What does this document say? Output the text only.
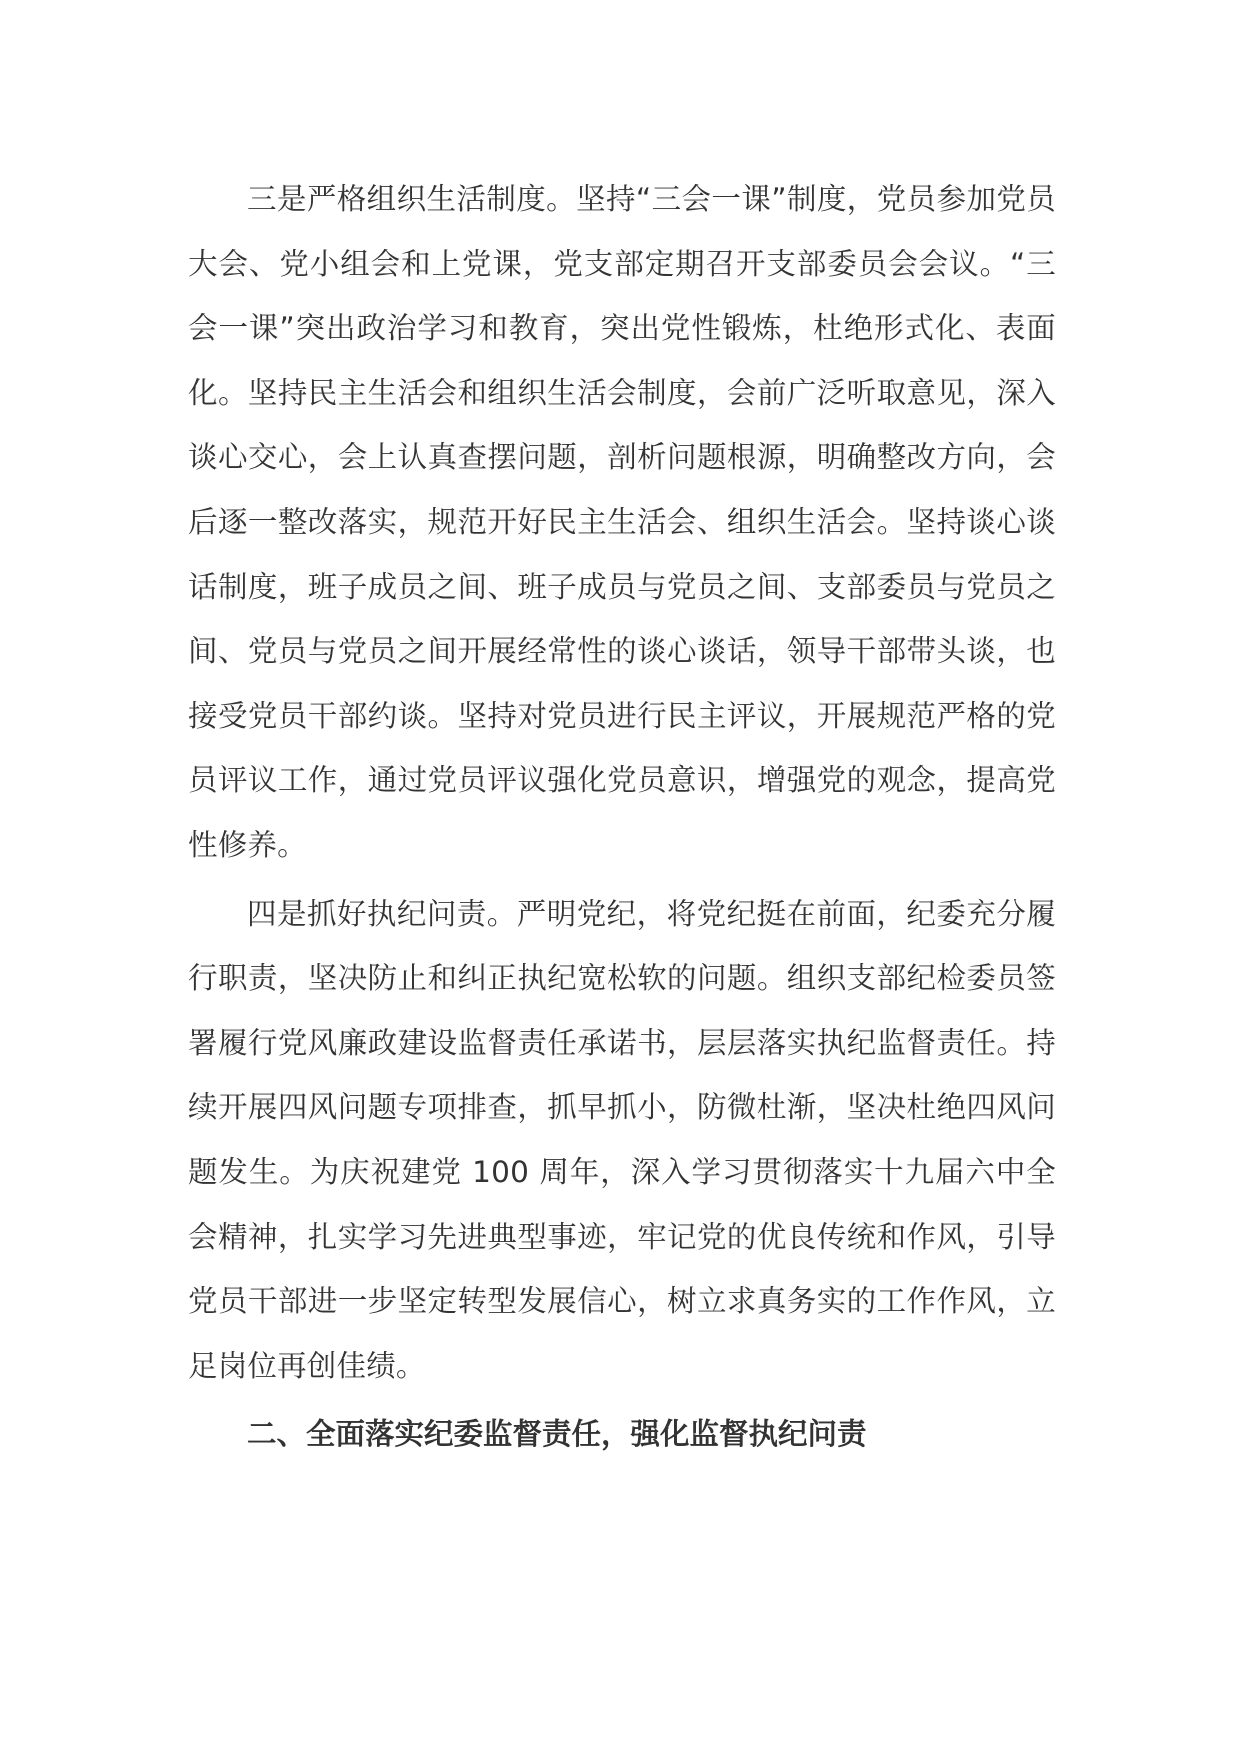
三是严格组织生活制度。坚持“三会一课”制度，党员参加党员大会、党小组会和上党课，党支部定期召开支部委员会会议。“三会一课”突出政治学习和教育，突出党性锻炼，杜绝形式化、表面化。坚持民主生活会和组织生活会制度，会前广泛听取意见，深入谈心交心，会上认真查摆问题，剖析问题根源，明确整改方向，会后逐一整改落实，规范开好民主生活会、组织生活会。坚持谈心谈话制度，班子成员之间、班子成员与党员之间、支部委员与党员之间、党员与党员之间开展经常性的谈心谈话，领导干部带头谈，也接受党员干部约谈。坚持对党员进行民主评议，开展规范严格的党员评议工作，通过党员评议强化党员意识，增强党的观念，提高党性修养。

四是抓好执纪问责。严明党纪，将党纪挺在前面，纪委充分履行职责，坚决防止和纠正执纪宽松软的问题。组织支部纪检委员签署履行党风廉政建设监督责任承诺书，层层落实执纪监督责任。持续开展四风问题专项排查，抓早抓小，防微杜渐，坚决杜绝四风问题发生。为庆祝建党 100 周年，深入学习贯彻落实十九届六中全会精神，扎实学习先进典型事迹，牢记党的优良传统和作风，引导党员干部进一步坚定转型发展信心，树立求真务实的工作作风，立足岗位再创佳绩。

二、全面落实纪委监督责任，强化监督执纪问责
